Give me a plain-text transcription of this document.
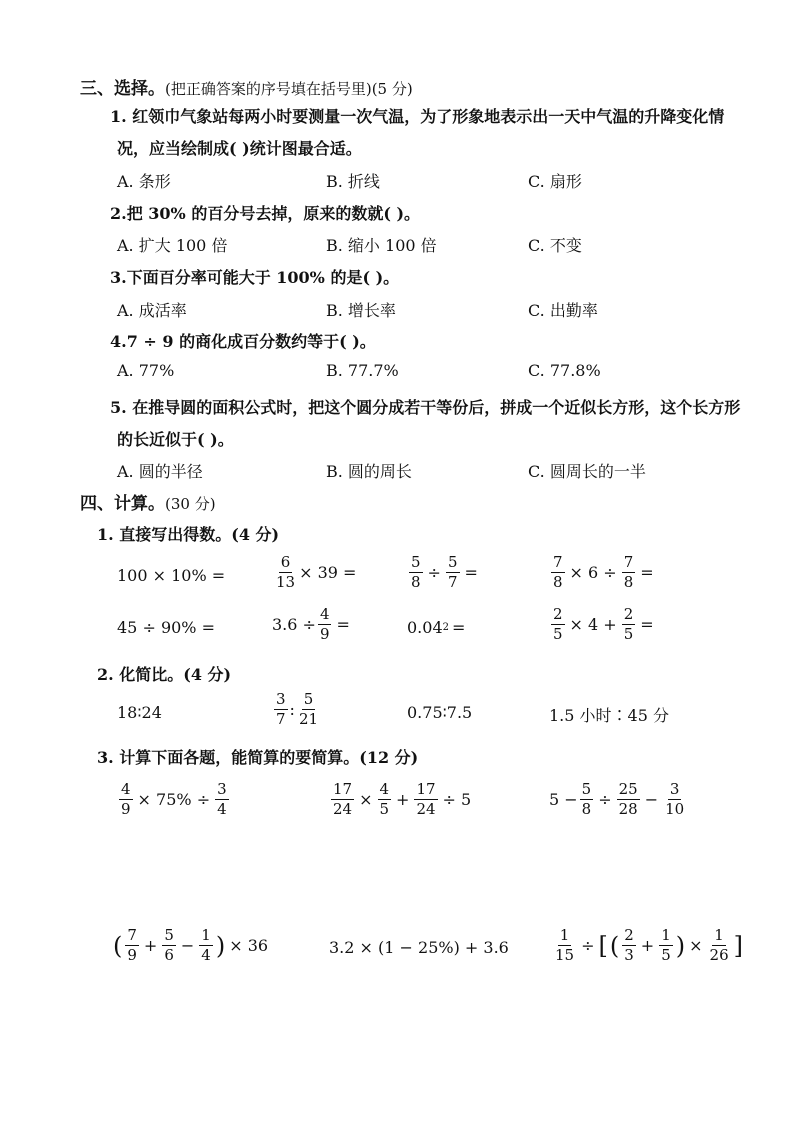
三、选择。(把正确答案的序号填在括号里)(5 分)
1. 红领巾气象站每两小时要测量一次气温，为了形象地表示出一天中气温的升降变化情
况，应当绘制成( )统计图最合适。
A. 条形	B. 折线	C. 扇形
2.把 30% 的百分号去掉，原来的数就( )。
A. 扩大 100 倍	B. 缩小 100 倍	C. 不变
3.下面百分率可能大于 100% 的是( )。
A. 成活率	B. 增长率	C. 出勤率
4.7 ÷ 9 的商化成百分数约等于( )。
A. 77%	B. 77.7%	C. 77.8%
5. 在推导圆的面积公式时，把这个圆分成若干等份后，拼成一个近似长方形，这个长方形
的长近似于( )。
A. 圆的半径	B. 圆的周长	C. 圆周长的一半
四、计算。(30 分)
1. 直接写出得数。(4 分)
100 × 10% =	$\frac{6}{13} \times 39$ =	$\frac{5}{8} \div \frac{5}{7}$ =	$\frac{7}{8} \times 6 \div \frac{7}{8}$ =
45 ÷ 90% =	$3.6 \div \frac{4}{9}$ =	0.04 2 =	$\frac{2}{5} \times 4 + \frac{2}{5}$ =
2. 化简比。(4 分)
18∶24	$\frac{3}{7}$ : $\frac{5}{21}$	0.75∶7.5	1.5 小时∶45 分
3. 计算下面各题，能简算的要简算。(12 分)
$\frac{4}{9} \times 75\% \div \frac{3}{4}$	$\frac{17}{24} \times \frac{4}{5} + \frac{17}{24} \div 5$	$5 - \frac{5}{8} \div \frac{25}{28} - \frac{3}{10}$
( $\frac{7}{9} + \frac{5}{6} - \frac{1}{4}$ ) × 36	3.2 × (1 − 25%) + 3.6	$\frac{1}{15}$ ÷ [ ( $\frac{2}{3} + \frac{1}{5}$ ) × $\frac{1}{26}$ ]
